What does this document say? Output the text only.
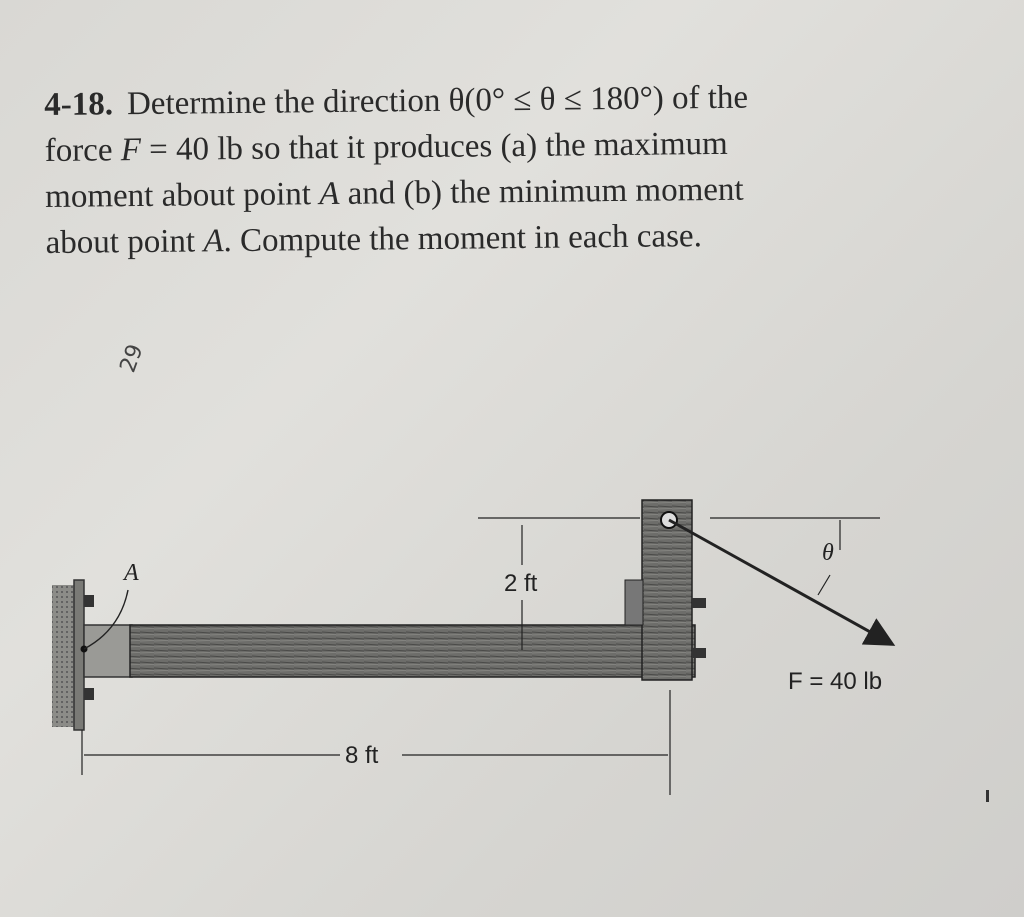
4-18. Determine the direction θ(0° ≤ θ ≤ 180°) of the
force F = 40 lb so that it produces (a) the maximum
moment about point A and (b) the minimum moment
about point A. Compute the moment in each case.
29
A	2 ft
8 ft
θ
F = 40 lb
